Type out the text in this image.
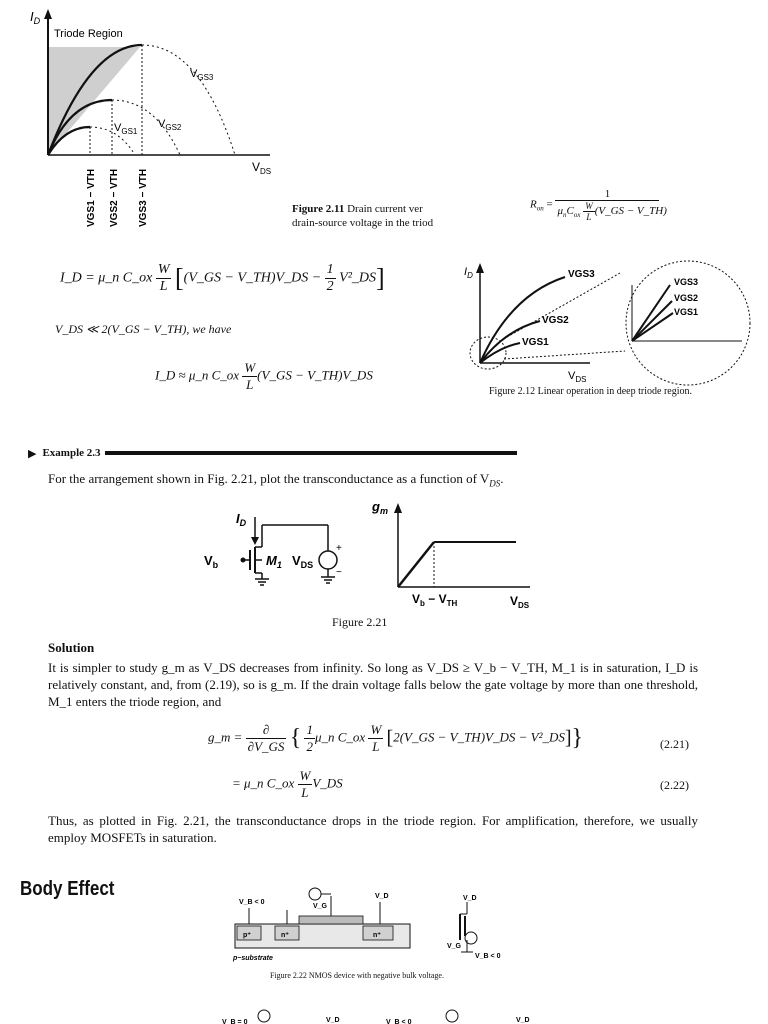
$I_D$
Triode Region
$V_{GS3}$
$V_{GS2}$
$V_{GS1}$
$V_{DS}$
VGS1 − VTH VGS2 − VTH VGS3 − VTH	Figure 2.11 Drain current ver
drain-source voltage in the triod
$R_{on} = \frac{1}{\mu_nC_{ox} \frac{W}{L} (V\_GS - V\_TH)}$
I_D = μ_n C_ox $\frac{W}{L}$ [(V_GS − V_TH)V_DS − $\frac{1}{2}$ V²_DS]
V_DS ≪ 2(V_GS − V_TH), we have
I_D ≈ μ_n C_ox $\frac{W}{L}$ (V_GS − V_TH)V_DS
$I_D$
$V_{DS}$
VGS3
VGS2
VGS1
VGS3
VGS2
VGS1
Figure 2.12 Linear operation in deep triode region.
▶ Example 2.3
For the arrangement shown in Fig. 2.21, plot the transconductance as a function of $V_{DS}$.
$I_D$
$V_b$	$M_1$ $V_{DS}$
+
−
$g_m$
$V_b - V_{TH}$	$V_{DS}$
Figure 2.21
Solution
It is simpler to study g_m as V_DS decreases from infinity. So long as V_DS ≥ V_b − V_TH, M_1 is in saturation, I_D is relatively constant, and, from (2.19), so is g_m. If the drain voltage falls below the gate voltage by more than one threshold, M_1 enters the triode region, and
g_m = $\frac{\partial}{\partial V\_GS}$ { $\frac{1}{2}$ μ_n C_ox $\frac{W}{L}$ [2(V_GS − V_TH)V_DS − V²_DS]}	(2.21)
= μ_n C_ox $\frac{W}{L}$ V_DS	(2.22)
Thus, as plotted in Fig. 2.21, the transconductance drops in the triode region. For amplification, therefore, we usually employ MOSFETs in saturation.
Body Effect
V_B < 0
V_G
V_D
p⁺	n⁺	n⁺
p−substrate
V_D
V_G
V_B < 0
Figure 2.22 NMOS device with negative bulk voltage.
V_B = 0	V_D	V_B < 0	V_D
